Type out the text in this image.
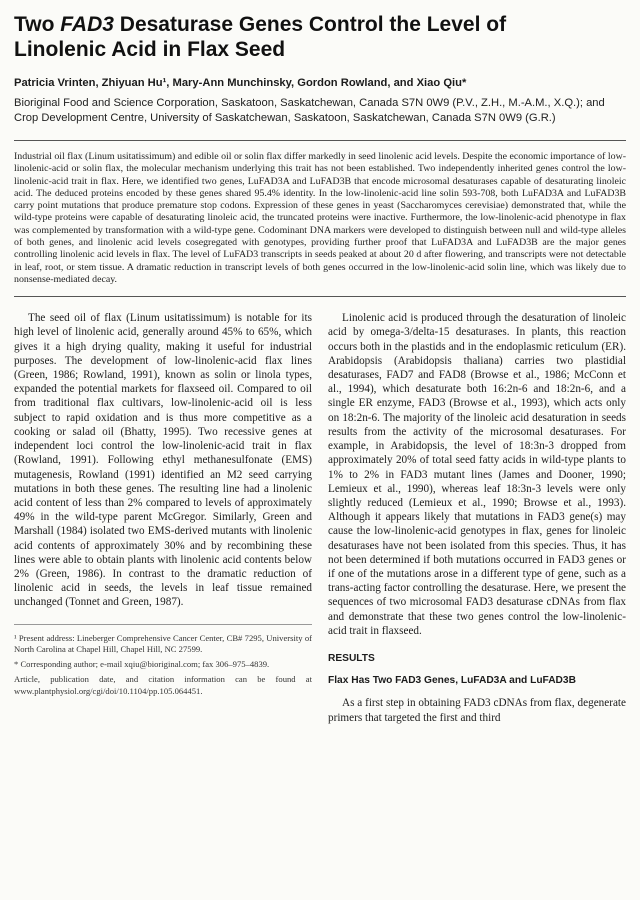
Two FAD3 Desaturase Genes Control the Level of
Linolenic Acid in Flax Seed
Patricia Vrinten, Zhiyuan Hu¹, Mary-Ann Munchinsky, Gordon Rowland, and Xiao Qiu*
Bioriginal Food and Science Corporation, Saskatoon, Saskatchewan, Canada S7N 0W9 (P.V., Z.H., M.-A.M., X.Q.); and Crop Development Centre, University of Saskatchewan, Saskatoon, Saskatchewan, Canada S7N 0W9 (G.R.)

Industrial oil flax (Linum usitatissimum) and edible oil or solin flax differ markedly in seed linolenic acid levels. Despite the economic importance of low-linolenic-acid or solin flax, the molecular mechanism underlying this trait has not been established. Two independently inherited genes control the low-linolenic-acid trait in flax. Here, we identified two genes, LuFAD3A and LuFAD3B that encode microsomal desaturases capable of desaturating linoleic acid. The deduced proteins encoded by these genes shared 95.4% identity. In the low-linolenic-acid line solin 593-708, both LuFAD3A and LuFAD3B carry point mutations that produce premature stop codons. Expression of these genes in yeast (Saccharomyces cerevisiae) demonstrated that, while the wild-type proteins were capable of desaturating linoleic acid, the truncated proteins were inactive. Furthermore, the low-linolenic-acid phenotype in flax was complemented by transformation with a wild-type gene. Codominant DNA markers were developed to distinguish between null and wild-type alleles of both genes, and linolenic acid levels cosegregated with genotypes, providing further proof that LuFAD3A and LuFAD3B are the major genes controlling linolenic acid levels in flax. The level of LuFAD3 transcripts in seeds peaked at about 20 d after flowering, and transcripts were not detectable in leaf, root, or stem tissue. A dramatic reduction in transcript levels of both genes occurred in the low-linolenic-acid solin line, which was likely due to nonsense-mediated decay.

The seed oil of flax (Linum usitatissimum) is notable for its high level of linolenic acid, generally around 45% to 65%, which gives it a high drying quality, making it useful for industrial purposes. The development of low-linolenic-acid flax lines (Green, 1986; Rowland, 1991), known as solin or linola types, expanded the potential markets for flaxseed oil. Compared to oil from traditional flax cultivars, low-linolenic-acid oil is less subject to rapid oxidation and is thus more competitive as a cooking or salad oil (Bhatty, 1995). Two recessive genes at independent loci control the low-linolenic-acid trait in flax (Rowland, 1991). Following ethyl methanesulfonate (EMS) mutagenesis, Rowland (1991) identified an M2 seed carrying mutations in both these genes. The resulting line had a linolenic acid content of less than 2% compared to levels of approximately 49% in the wild-type parent McGregor. Similarly, Green and Marshall (1984) isolated two EMS-derived mutants with linolenic acid contents of approximately 30% and by recombining these lines were able to obtain plants with linolenic acid contents below 2% (Green, 1986). In contrast to the dramatic reduction of linolenic acid in seeds, the levels in leaf tissue remained unchanged (Tonnet and Green, 1987).

¹ Present address: Lineberger Comprehensive Cancer Center, CB# 7295, University of North Carolina at Chapel Hill, Chapel Hill, NC 27599.

* Corresponding author; e-mail xqiu@bioriginal.com; fax 306–975–4839.

Article, publication date, and citation information can be found at www.plantphysiol.org/cgi/doi/10.1104/pp.105.064451.

Linolenic acid is produced through the desaturation of linoleic acid by omega-3/delta-15 desaturases. In plants, this reaction occurs both in the plastids and in the endoplasmic reticulum (ER). Arabidopsis (Arabidopsis thaliana) carries two plastidial desaturases, FAD7 and FAD8 (Browse et al., 1986; McConn et al., 1994), which desaturate both 16:2n-6 and 18:2n-6, and a single ER enzyme, FAD3 (Browse et al., 1993), which acts only on 18:2n-6. The majority of the linoleic acid desaturation in seeds results from the activity of the microsomal desaturases. For example, in Arabidopsis, the level of 18:3n-3 dropped from approximately 20% of total seed fatty acids in wild-type plants to 1% to 2% in FAD3 mutant lines (James and Dooner, 1990; Lemieux et al., 1990), whereas leaf 18:3n-3 levels were only slightly reduced (Lemieux et al., 1990; Browse et al., 1993). Although it appears likely that mutations in FAD3 gene(s) may cause the low-linolenic-acid genotypes in flax, genes for linoleic desaturases have not been isolated from this species. Thus, it has not been determined if both mutations occurred in FAD3 genes or if one of the mutations arose in a different type of gene, such as a trans-acting factor controlling the desaturase. Here, we present the sequences of two microsomal FAD3 desaturase cDNAs from flax and demonstrate that these two genes control the low-linolenic-acid trait in flaxseed.

RESULTS
Flax Has Two FAD3 Genes, LuFAD3A and LuFAD3B

As a first step in obtaining FAD3 cDNAs from flax, degenerate primers that targeted the first and third
